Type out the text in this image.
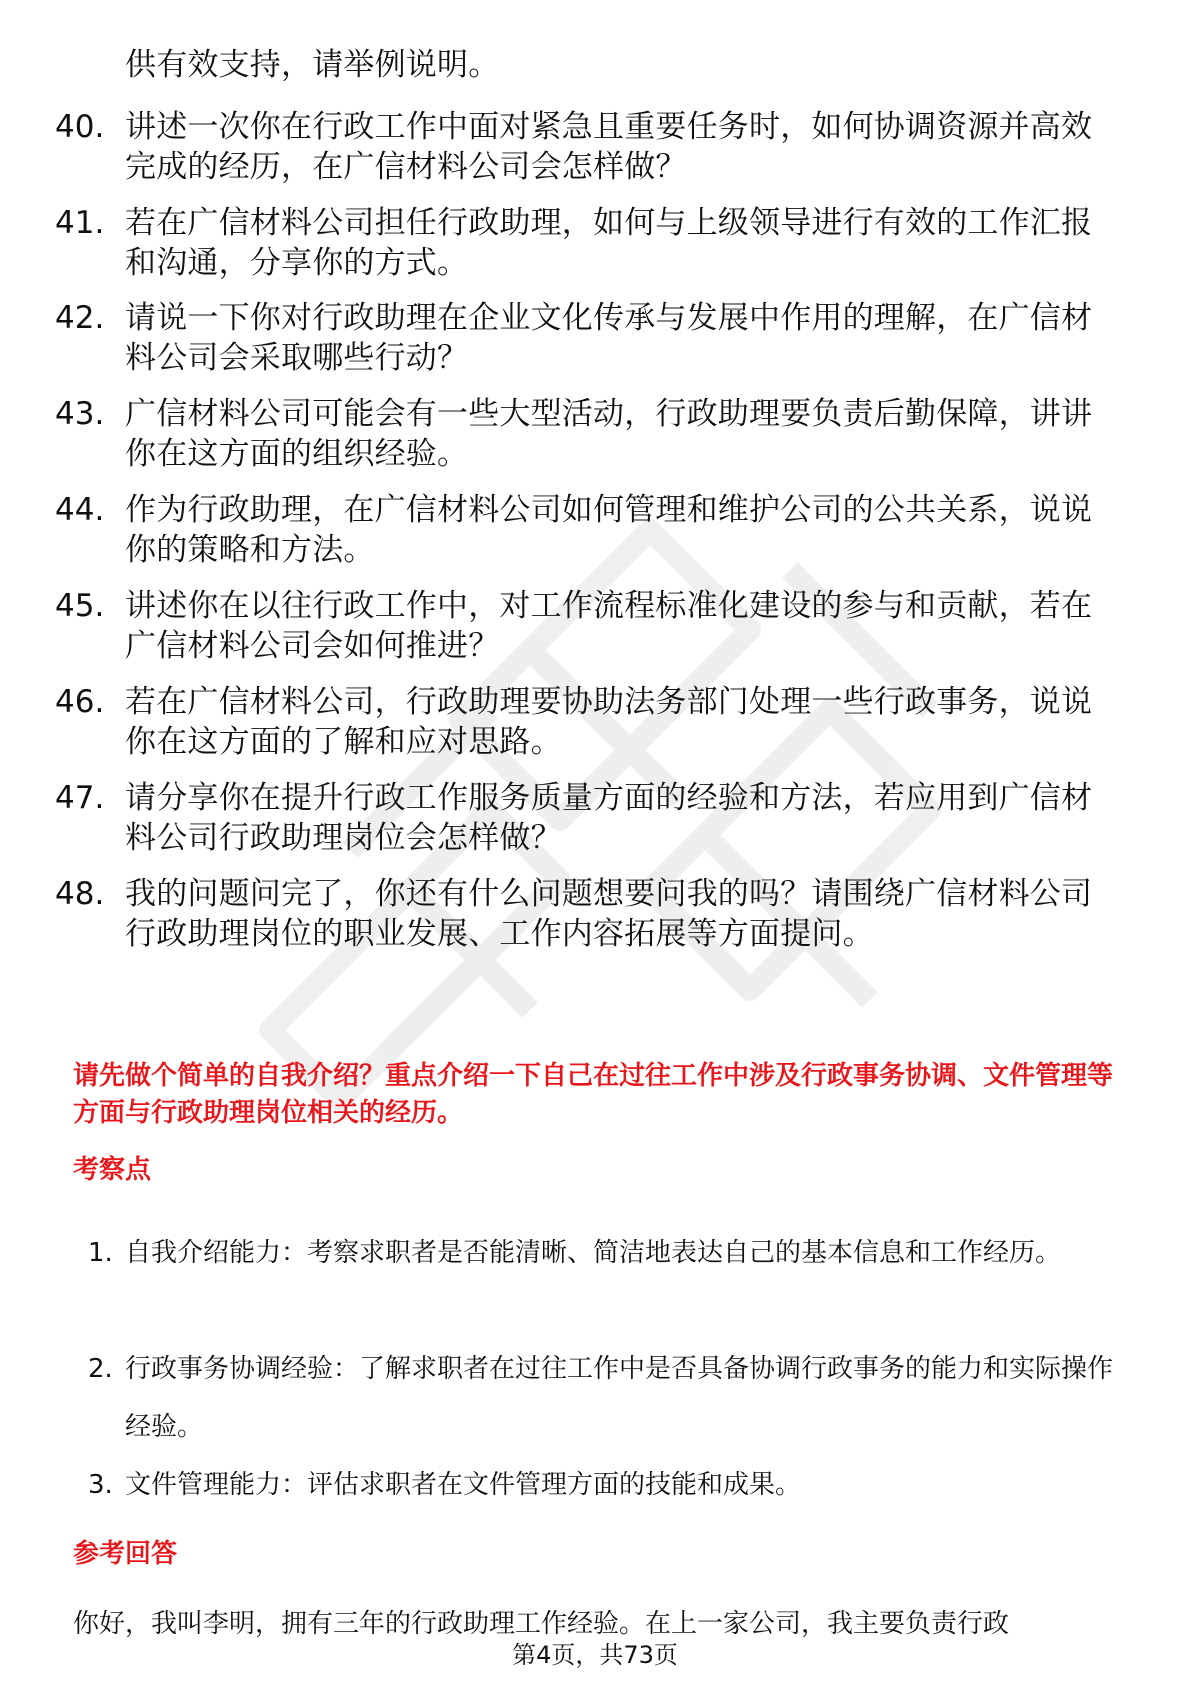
供有效支持，请举例说明。
40. 讲述一次你在行政工作中面对紧急且重要任务时，如何协调资源并高效完成的经历，在广信材料公司会怎样做？
41. 若在广信材料公司担任行政助理，如何与上级领导进行有效的工作汇报和沟通，分享你的方式。
42. 请说一下你对行政助理在企业文化传承与发展中作用的理解，在广信材料公司会采取哪些行动？
43. 广信材料公司可能会有一些大型活动，行政助理要负责后勤保障，讲讲你在这方面的组织经验。
44. 作为行政助理，在广信材料公司如何管理和维护公司的公共关系，说说你的策略和方法。
45. 讲述你在以往行政工作中，对工作流程标准化建设的参与和贡献，若在广信材料公司会如何推进？
46. 若在广信材料公司，行政助理要协助法务部门处理一些行政事务，说说你在这方面的了解和应对思路。
47. 请分享你在提升行政工作服务质量方面的经验和方法，若应用到广信材料公司行政助理岗位会怎样做？
48. 我的问题问完了，你还有什么问题想要问我的吗？请围绕广信材料公司行政助理岗位的职业发展、工作内容拓展等方面提问。
请先做个简单的自我介绍？重点介绍一下自己在过往工作中涉及行政事务协调、文件管理等方面与行政助理岗位相关的经历。
考察点
1. 自我介绍能力：考察求职者是否能清晰、简洁地表达自己的基本信息和工作经历。
2. 行政事务协调经验：了解求职者在过往工作中是否具备协调行政事务的能力和实际操作经验。
3. 文件管理能力：评估求职者在文件管理方面的技能和成果。
参考回答
你好，我叫李明，拥有三年的行政助理工作经验。在上一家公司，我主要负责行政
第4页，共73页
